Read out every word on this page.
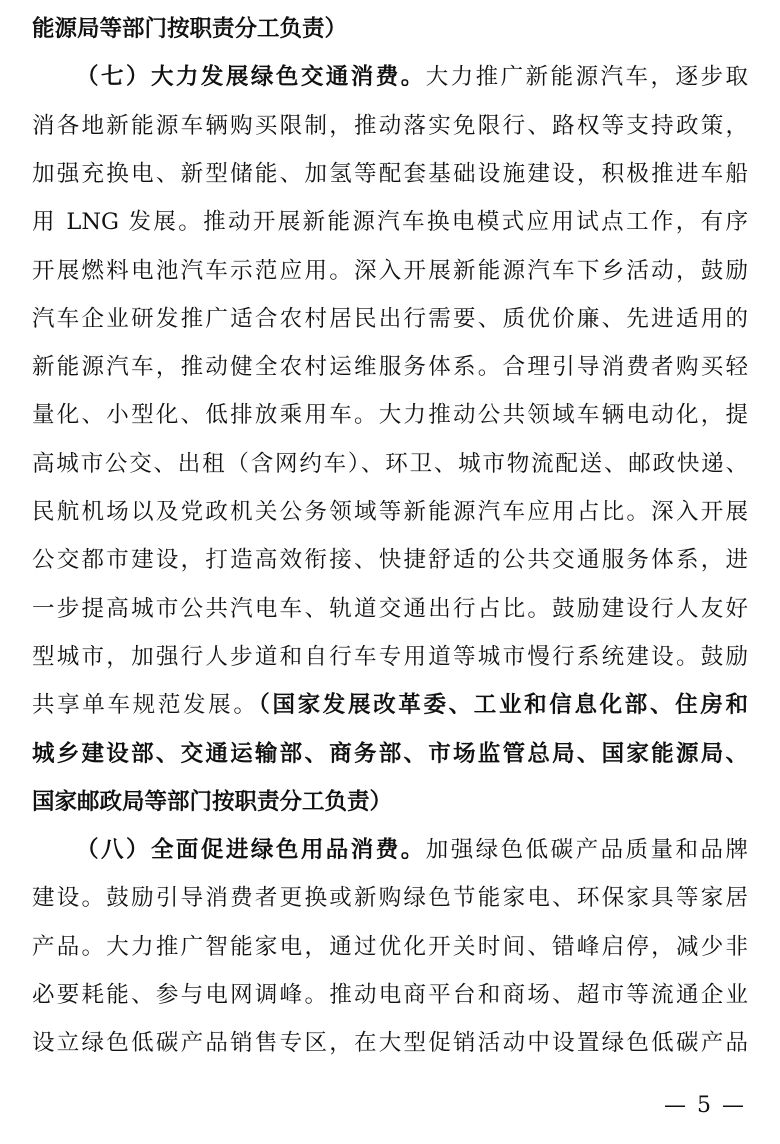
能源局等部门按职责分工负责）
（七）大力发展绿色交通消费。大力推广新能源汽车，逐步取
消各地新能源车辆购买限制，推动落实免限行、路权等支持政策，
加强充换电、新型储能、加氢等配套基础设施建设，积极推进车船
用 LNG 发展。推动开展新能源汽车换电模式应用试点工作，有序
开展燃料电池汽车示范应用。深入开展新能源汽车下乡活动，鼓励
汽车企业研发推广适合农村居民出行需要、质优价廉、先进适用的
新能源汽车，推动健全农村运维服务体系。合理引导消费者购买轻
量化、小型化、低排放乘用车。大力推动公共领域车辆电动化，提
高城市公交、出租（含网约车）、环卫、城市物流配送、邮政快递、
民航机场以及党政机关公务领域等新能源汽车应用占比。深入开展
公交都市建设，打造高效衔接、快捷舒适的公共交通服务体系，进
一步提高城市公共汽电车、轨道交通出行占比。鼓励建设行人友好
型城市，加强行人步道和自行车专用道等城市慢行系统建设。鼓励
共享单车规范发展。（国家发展改革委、工业和信息化部、住房和
城乡建设部、交通运输部、商务部、市场监管总局、国家能源局、
国家邮政局等部门按职责分工负责）
（八）全面促进绿色用品消费。加强绿色低碳产品质量和品牌
建设。鼓励引导消费者更换或新购绿色节能家电、环保家具等家居
产品。大力推广智能家电，通过优化开关时间、错峰启停，减少非
必要耗能、参与电网调峰。推动电商平台和商场、超市等流通企业
设立绿色低碳产品销售专区，在大型促销活动中设置绿色低碳产品
— 5 —
